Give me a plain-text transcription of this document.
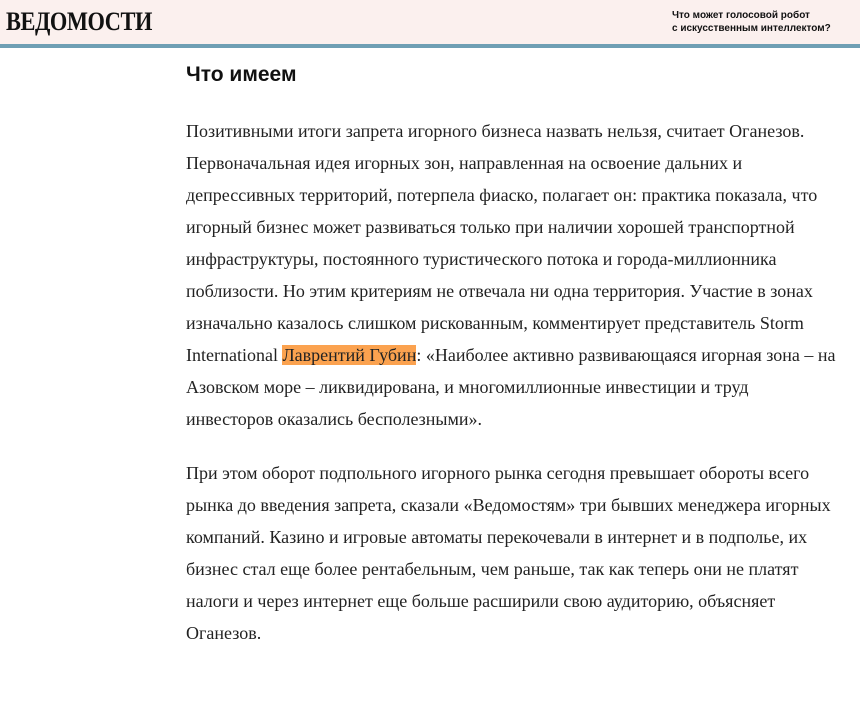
ВЕДОМОСТИ	Что может голосовой робот
с искусственным интеллектом?
Что имеем

Позитивными итоги запрета игорного бизнеса назвать нельзя, считает Оганезов. Первоначальная идея игорных зон, направленная на освоение дальних и депрессивных территорий, потерпела фиаско, полагает он: практика показала, что игорный бизнес может развиваться только при наличии хорошей транспортной инфраструктуры, постоянного туристического потока и города-миллионника поблизости. Но этим критериям не отвечала ни одна территория. Участие в зонах изначально казалось слишком рискованным, комментирует представитель Storm International Лаврентий Губин: «Наиболее активно развивающаяся игорная зона – на Азовском море – ликвидирована, и многомиллионные инвестиции и труд инвесторов оказались бесполезными».

При этом оборот подпольного игорного рынка сегодня превышает обороты всего рынка до введения запрета, сказали «Ведомостям» три бывших менеджера игорных компаний. Казино и игровые автоматы перекочевали в интернет и в подполье, их бизнес стал еще более рентабельным, чем раньше, так как теперь они не платят налоги и через интернет еще больше расширили свою аудиторию, объясняет Оганезов.
